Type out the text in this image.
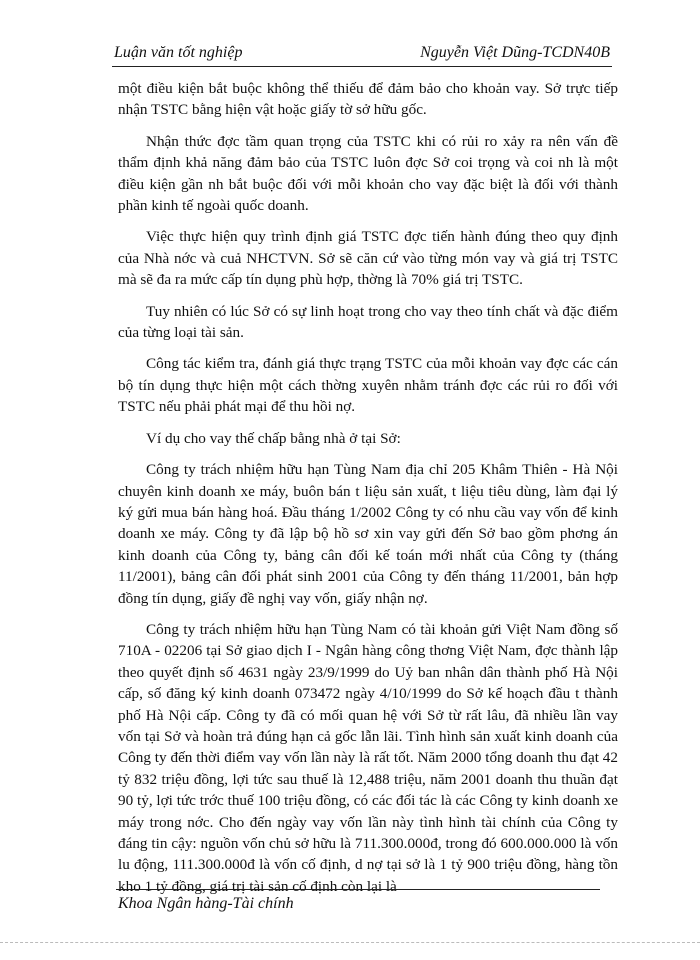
Luận văn tốt nghiệp	Nguyễn Việt Dũng-TCDN40B

một điều kiện bắt buộc không thể thiếu để đảm bảo cho khoản vay. Sở trực tiếp nhận TSTC bằng hiện vật hoặc giấy tờ sở hữu gốc.

Nhận thức đợc tầm quan trọng của TSTC khi có rủi ro xảy ra nên vấn đề thẩm định khả năng đảm bảo của TSTC luôn đợc Sở coi trọng và coi nh là một điều kiện gần nh bắt buộc đối với mỗi khoản cho vay đặc biệt là đối với thành phần kinh tế ngoài quốc doanh.

Việc thực hiện quy trình định giá TSTC đợc tiến hành đúng theo quy định của Nhà nớc và cuả NHCTVN. Sở sẽ căn cứ vào từng món vay và giá trị TSTC mà sẽ đa ra mức cấp tín dụng phù hợp, thờng là 70% giá trị TSTC.

Tuy nhiên có lúc Sở có sự linh hoạt trong cho vay theo tính chất và đặc điểm của từng loại tài sản.

Công tác kiểm tra, đánh giá thực trạng TSTC của mỗi khoản vay đợc các cán bộ tín dụng thực hiện một cách thờng xuyên nhằm tránh đợc các rủi ro đối với TSTC nếu phải phát mại để thu hồi nợ.

Ví dụ cho vay thế chấp bằng nhà ở tại Sở:

Công ty trách nhiệm hữu hạn Tùng Nam địa chỉ 205 Khâm Thiên - Hà Nội chuyên kinh doanh xe máy, buôn bán t liệu sản xuất, t liệu tiêu dùng, làm đại lý ký gửi mua bán hàng hoá. Đầu tháng 1/2002 Công ty có nhu cầu vay vốn để kinh doanh xe máy. Công ty đã lập bộ hồ sơ xin vay gửi đến Sở bao gồm phơng án kinh doanh của Công ty, bảng cân đối kế toán mới nhất của Công ty (tháng 11/2001), bảng cân đối phát sinh 2001 của Công ty đến tháng 11/2001, bản hợp đồng tín dụng, giấy đề nghị vay vốn, giấy nhận nợ.

Công ty trách nhiệm hữu hạn Tùng Nam có tài khoản gửi Việt Nam đồng số 710A - 02206 tại Sở giao dịch I - Ngân hàng công thơng Việt Nam, đợc thành lập theo quyết định số 4631 ngày 23/9/1999 do Uỷ ban nhân dân thành phố Hà Nội cấp, số đăng ký kinh doanh 073472 ngày 4/10/1999 do Sở kế hoạch đầu t thành phố Hà Nội cấp. Công ty đã có mối quan hệ với Sở từ rất lâu, đã nhiều lần vay vốn tại Sở và hoàn trả đúng hạn cả gốc lẫn lãi. Tình hình sản xuất kinh doanh của Công ty đến thời điểm vay vốn lần này là rất tốt. Năm 2000 tổng doanh thu đạt 42 tỷ 832 triệu đồng, lợi tức sau thuế là 12,488 triệu, năm 2001 doanh thu thuần đạt 90 tỷ, lợi tức trớc thuế 100 triệu đồng, có các đối tác là các Công ty kinh doanh xe máy trong nớc. Cho đến ngày vay vốn lần này tình hình tài chính của Công ty đáng tin cậy: nguồn vốn chủ sở hữu là 711.300.000đ, trong đó 600.000.000 là vốn lu động, 111.300.000đ là vốn cố định, d nợ tại sở là 1 tỷ 900 triệu đồng, hàng tồn kho 1 tỷ đồng, giá trị tài sản cố định còn lại là

Khoa Ngân hàng-Tài chính
